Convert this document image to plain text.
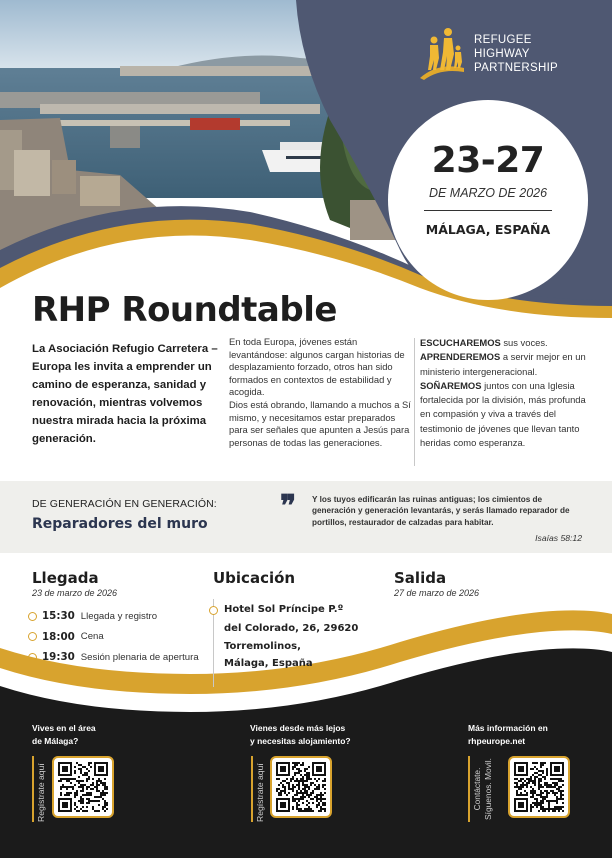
REFUGEE
HIGHWAY
PARTNERSHIP
23-27
DE MARZO DE 2026
MÁLAGA, ESPAÑA
RHP Roundtable
La Asociación Refugio Carretera – Europa les invita a emprender un camino de esperanza, sanidad y renovación, mientras volvemos nuestra mirada hacia la próxima generación.

En toda Europa, jóvenes están levantándose: algunos cargan historias de desplazamiento forzado, otros han sido formados en contextos de estabilidad y acogida.

Dios está obrando, llamando a muchos a Sí mismo, y necesitamos estar preparados para ser señales que apunten a Jesús para personas de todas las generaciones.

ESCUCHAREMOS sus voces.
APRENDEREMOS a servir mejor en un ministerio intergeneracional.
SOÑAREMOS juntos con una Iglesia fortalecida por la división, más profunda en compasión y viva a través del testimonio de jóvenes que llevan tanto heridas como esperanza.
DE GENERACIÓN EN GENERACIÓN:
Reparadores del muro ❞ Y los tuyos edificarán las ruinas antiguas; los cimientos de generación y generación levantarás, y serás llamado reparador de portillos, restaurador de calzadas para habitar.
Isaías 58:12
Llegada
23 de marzo de 2026
15:30 Llegada y registro
18:00 Cena
19:30 Sesión plenaria de apertura
Ubicación
Hotel Sol Príncipe P.º
del Colorado, 26, 29620
Torremolinos,
Málaga, España
Salida
27 de marzo de 2026
Vives en el área
de Málaga?
Regístrate aquí
Vienes desde más lejos
y necesitas alojamiento?
Regístrate aquí
Más información en
rhpeurope.net
Contáctate. Síguenos. Movil.
